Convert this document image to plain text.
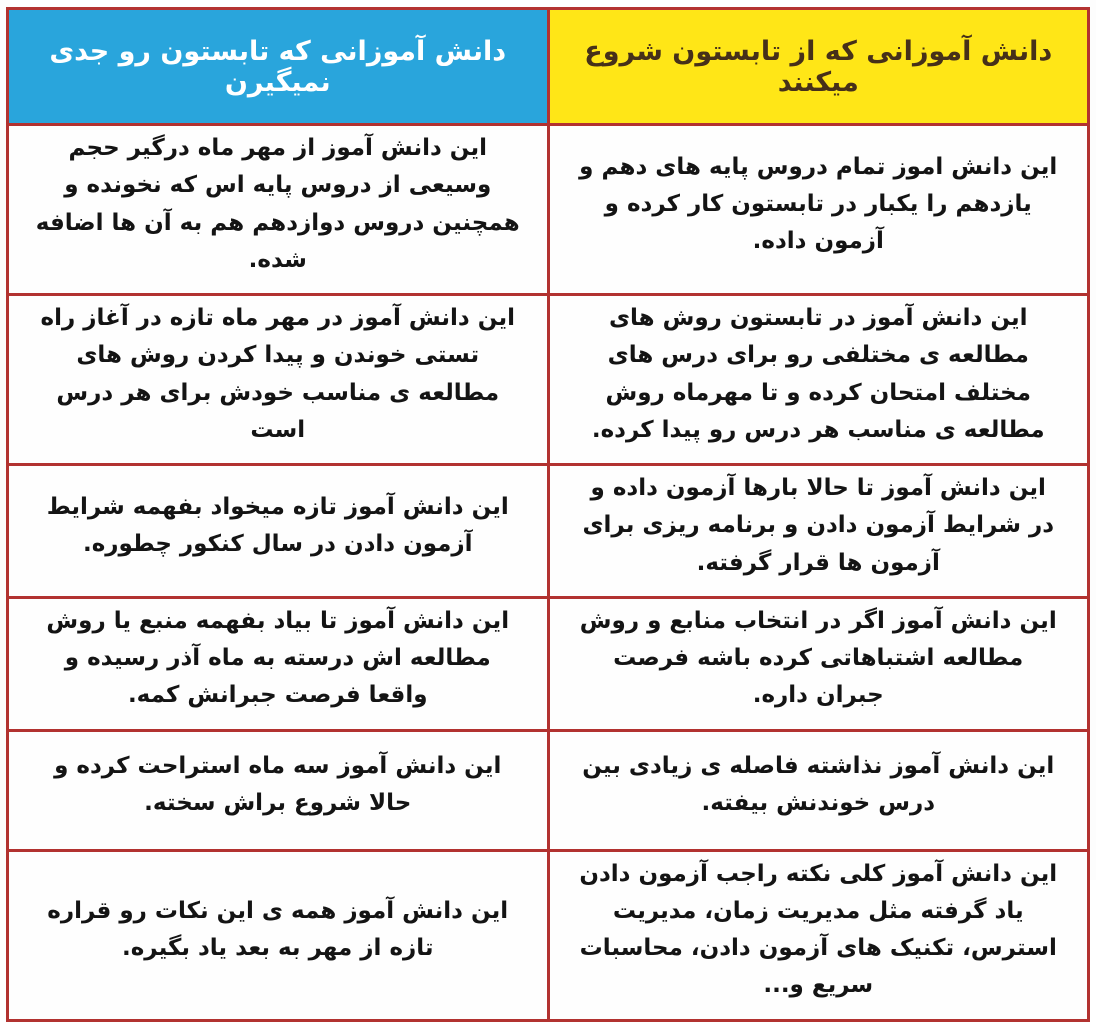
دانش آموزانی که از تابستون شروع میکنند	دانش آموزانی که تابستون رو جدی نمیگیرن
این دانش اموز تمام دروس پایه های دهم و یازدهم را یکبار در تابستون کار کرده و آزمون داده.	این دانش آموز از مهر ماه درگیر حجم وسیعی از دروس پایه اس که نخونده و همچنین دروس دوازدهم هم به آن ها اضافه شده.
این دانش آموز در تابستون روش های مطالعه ی مختلفی رو برای درس های مختلف امتحان کرده و تا مهرماه روش مطالعه ی مناسب هر درس رو پیدا کرده.	این دانش آموز در مهر ماه تازه در آغاز راه تستی خوندن و پیدا کردن روش های مطالعه ی مناسب خودش برای هر درس است
این دانش آموز تا حالا بارها آزمون داده و در شرایط آزمون دادن و برنامه ریزی برای آزمون ها قرار گرفته.	این دانش آموز تازه میخواد بفهمه شرایط آزمون دادن در سال کنکور چطوره.
این دانش آموز اگر در انتخاب منابع و روش مطالعه اشتباهاتی کرده باشه فرصت جبران داره.	این دانش آموز تا بیاد بفهمه منبع یا روش مطالعه اش درسته به ماه آذر رسیده و واقعا فرصت جبرانش کمه.
این دانش آموز نذاشته فاصله ی زیادی بین درس خوندنش بیفته.	این دانش آموز سه ماه استراحت کرده و حالا شروع براش سخته.
این دانش آموز کلی نکته راجب آزمون دادن یاد گرفته مثل مدیریت زمان، مدیریت استرس، تکنیک های آزمون دادن، محاسبات سریع و...	این دانش آموز همه ی این نکات رو قراره تازه از مهر به بعد یاد بگیره.
